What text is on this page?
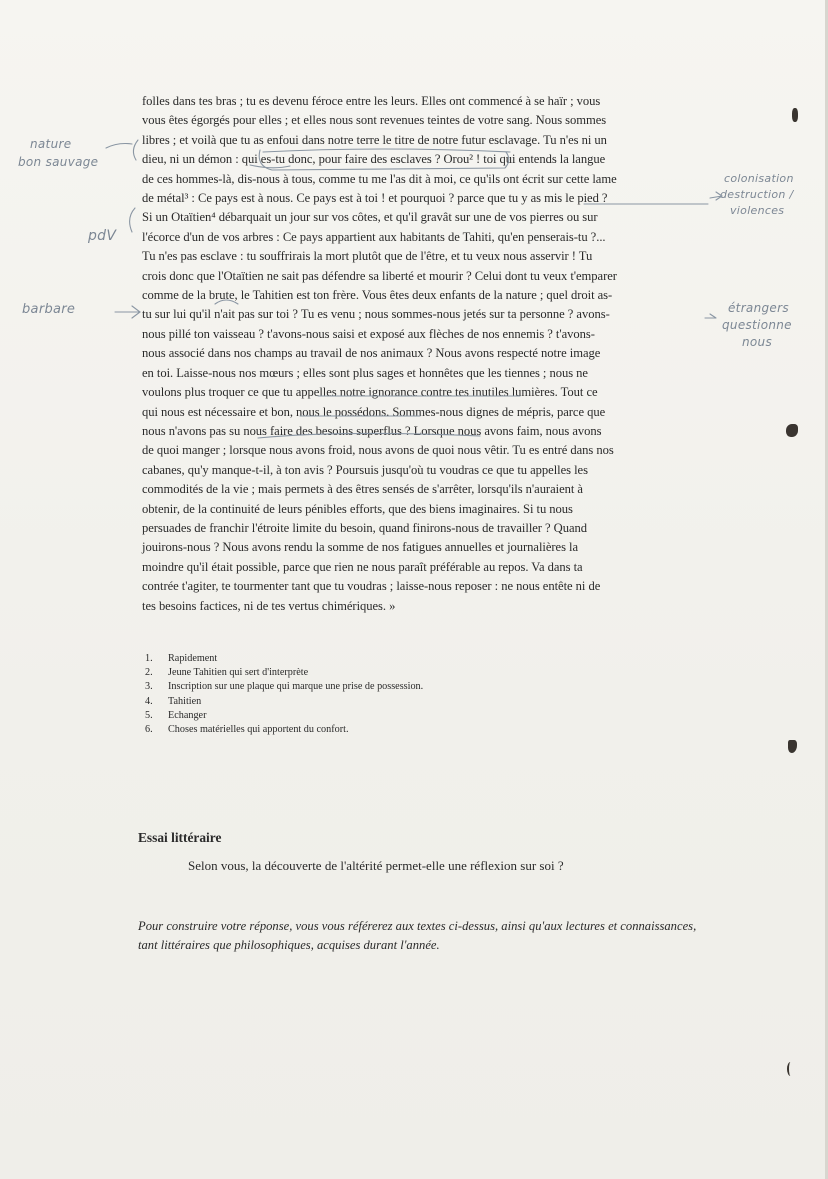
folles dans tes bras ; tu es devenu féroce entre les leurs. Elles ont commencé à se haïr ; vous

vous êtes égorgés pour elles ; et elles nous sont revenues teintes de votre sang. Nous sommes

libres ; et voilà que tu as enfoui dans notre terre le titre de notre futur esclavage. Tu n'es ni un

dieu, ni un démon : qui es-tu donc, pour faire des esclaves ? Orou² ! toi qui entends la langue

de ces hommes-là, dis-nous à tous, comme tu me l'as dit à moi, ce qu'ils ont écrit sur cette lame

de métal³ : Ce pays est à nous. Ce pays est à toi ! et pourquoi ? parce que tu y as mis le pied ?

Si un Otaïtien⁴ débarquait un jour sur vos côtes, et qu'il gravât sur une de vos pierres ou sur

l'écorce d'un de vos arbres : Ce pays appartient aux habitants de Tahiti, qu'en penserais-tu ?...

Tu n'es pas esclave : tu souffrirais la mort plutôt que de l'être, et tu veux nous asservir ! Tu

crois donc que l'Otaïtien ne sait pas défendre sa liberté et mourir ? Celui dont tu veux t'emparer

comme de la brute, le Tahitien est ton frère. Vous êtes deux enfants de la nature ; quel droit as-

tu sur lui qu'il n'ait pas sur toi ? Tu es venu ; nous sommes-nous jetés sur ta personne ? avons-

nous pillé ton vaisseau ? t'avons-nous saisi et exposé aux flèches de nos ennemis ? t'avons-

nous associé dans nos champs au travail de nos animaux ? Nous avons respecté notre image

en toi. Laisse-nous nos mœurs ; elles sont plus sages et honnêtes que les tiennes ; nous ne

voulons plus troquer ce que tu appelles notre ignorance contre tes inutiles lumières. Tout ce

qui nous est nécessaire et bon, nous le possédons. Sommes-nous dignes de mépris, parce que

nous n'avons pas su nous faire des besoins superflus ? Lorsque nous avons faim, nous avons

de quoi manger ; lorsque nous avons froid, nous avons de quoi nous vêtir. Tu es entré dans nos

cabanes, qu'y manque-t-il, à ton avis ? Poursuis jusqu'où tu voudras ce que tu appelles les

commodités de la vie ; mais permets à des êtres sensés de s'arrêter, lorsqu'ils n'auraient à

obtenir, de la continuité de leurs pénibles efforts, que des biens imaginaires. Si tu nous

persuades de franchir l'étroite limite du besoin, quand finirons-nous de travailler ? Quand

jouirons-nous ? Nous avons rendu la somme de nos fatigues annuelles et journalières la

moindre qu'il était possible, parce que rien ne nous paraît préférable au repos. Va dans ta

contrée t'agiter, te tourmenter tant que tu voudras ; laisse-nous reposer : ne nous entête ni de

tes besoins factices, ni de tes vertus chimériques. »

1.	Rapidement
2.	Jeune Tahitien qui sert d'interprète
3.	Inscription sur une plaque qui marque une prise de possession.
4.	Tahitien
5.	Echanger
6.	Choses matérielles qui apportent du confort.
Essai littéraire
Selon vous, la découverte de l'altérité permet-elle une réflexion sur soi ?
Pour construire votre réponse, vous vous référerez aux textes ci-dessus, ainsi qu'aux lectures et connaissances, tant littéraires que philosophiques, acquises durant l'année.
nature
bon sauvage
pdV
barbare
colonisation
destruction /
violences
étrangers
questionne
nous
